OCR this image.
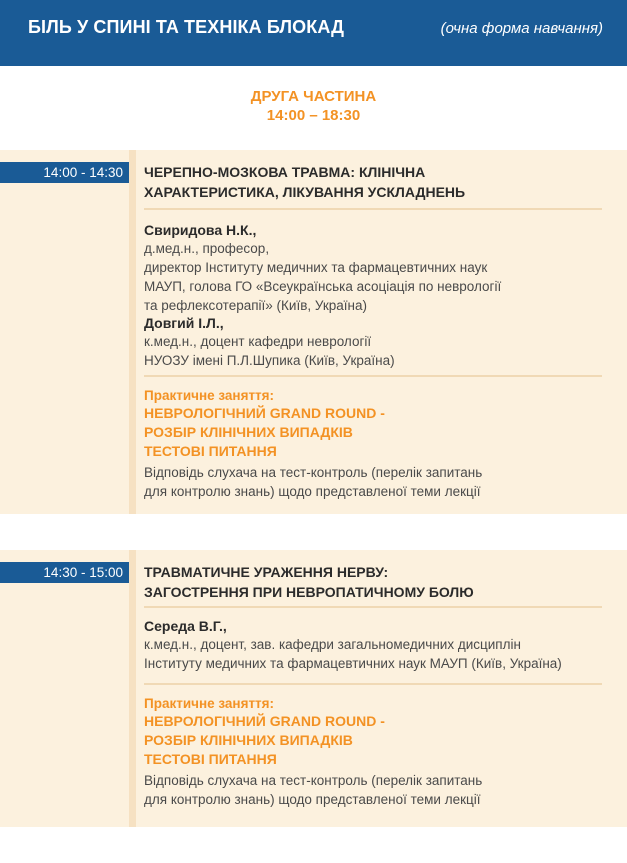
БІЛЬ У СПИНІ ТА ТЕХНІКА БЛОКАД	(очна форма навчання)
ДРУГА ЧАСТИНА
14:00 – 18:30
14:00 - 14:30	ЧЕРЕПНО-МОЗКОВА ТРАВМА: КЛІНІЧНА
ХАРАКТЕРИСТИКА, ЛІКУВАННЯ УСКЛАДНЕНЬ
Свиридова Н.К.,
д.мед.н., професор,
директор Інституту медичних та фармацевтичних наук
МАУП, голова ГО «Всеукраїнська асоціація по неврології
та рефлексотерапії» (Київ, Україна)
Довгий І.Л.,
к.мед.н., доцент кафедри неврології
НУОЗУ імені П.Л.Шупика (Київ, Україна)
Практичне заняття:
НЕВРОЛОГІЧНИЙ GRAND ROUND -
РОЗБІР КЛІНІЧНИХ ВИПАДКІВ
ТЕСТОВІ ПИТАННЯ
Відповідь слухача на тест-контроль (перелік запитань
для контролю знань) щодо представленої теми лекції
14:30 - 15:00	ТРАВМАТИЧНЕ УРАЖЕННЯ НЕРВУ:
ЗАГОСТРЕННЯ ПРИ НЕВРОПАТИЧНОМУ БОЛЮ
Середа В.Г.,
к.мед.н., доцент, зав. кафедри загальномедичних дисциплін
Інституту медичних та фармацевтичних наук МАУП (Київ, Україна)
Практичне заняття:
НЕВРОЛОГІЧНИЙ GRAND ROUND -
РОЗБІР КЛІНІЧНИХ ВИПАДКІВ
ТЕСТОВІ ПИТАННЯ
Відповідь слухача на тест-контроль (перелік запитань
для контролю знань) щодо представленої теми лекції
